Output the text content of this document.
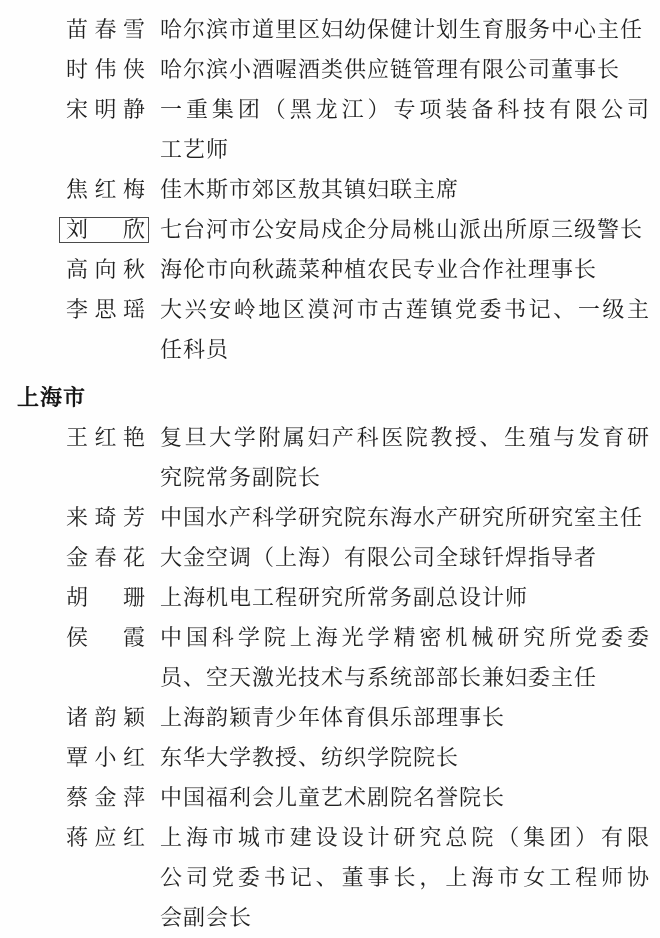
苗春雪 哈尔滨市道里区妇幼保健计划生育服务中心主任
时伟侠 哈尔滨小酒喔酒类供应链管理有限公司董事长
宋明静 一重集团（黑龙江）专项装备科技有限公司
工艺师
焦红梅 佳木斯市郊区敖其镇妇联主席
刘　欣 七台河市公安局戍企分局桃山派出所原三级警长
高向秋 海伦市向秋蔬菜种植农民专业合作社理事长
李思瑶 大兴安岭地区漠河市古莲镇党委书记、一级主
任科员
上海市
王红艳 复旦大学附属妇产科医院教授、生殖与发育研
究院常务副院长
来琦芳 中国水产科学研究院东海水产研究所研究室主任
金春花 大金空调（上海）有限公司全球钎焊指导者
胡　珊 上海机电工程研究所常务副总设计师
侯　霞 中国科学院上海光学精密机械研究所党委委
员、空天激光技术与系统部部长兼妇委主任
诸韵颖 上海韵颖青少年体育俱乐部理事长
覃小红 东华大学教授、纺织学院院长
蔡金萍 中国福利会儿童艺术剧院名誉院长
蒋应红 上海市城市建设设计研究总院（集团）有限
公司党委书记、董事长，上海市女工程师协
会副会长
